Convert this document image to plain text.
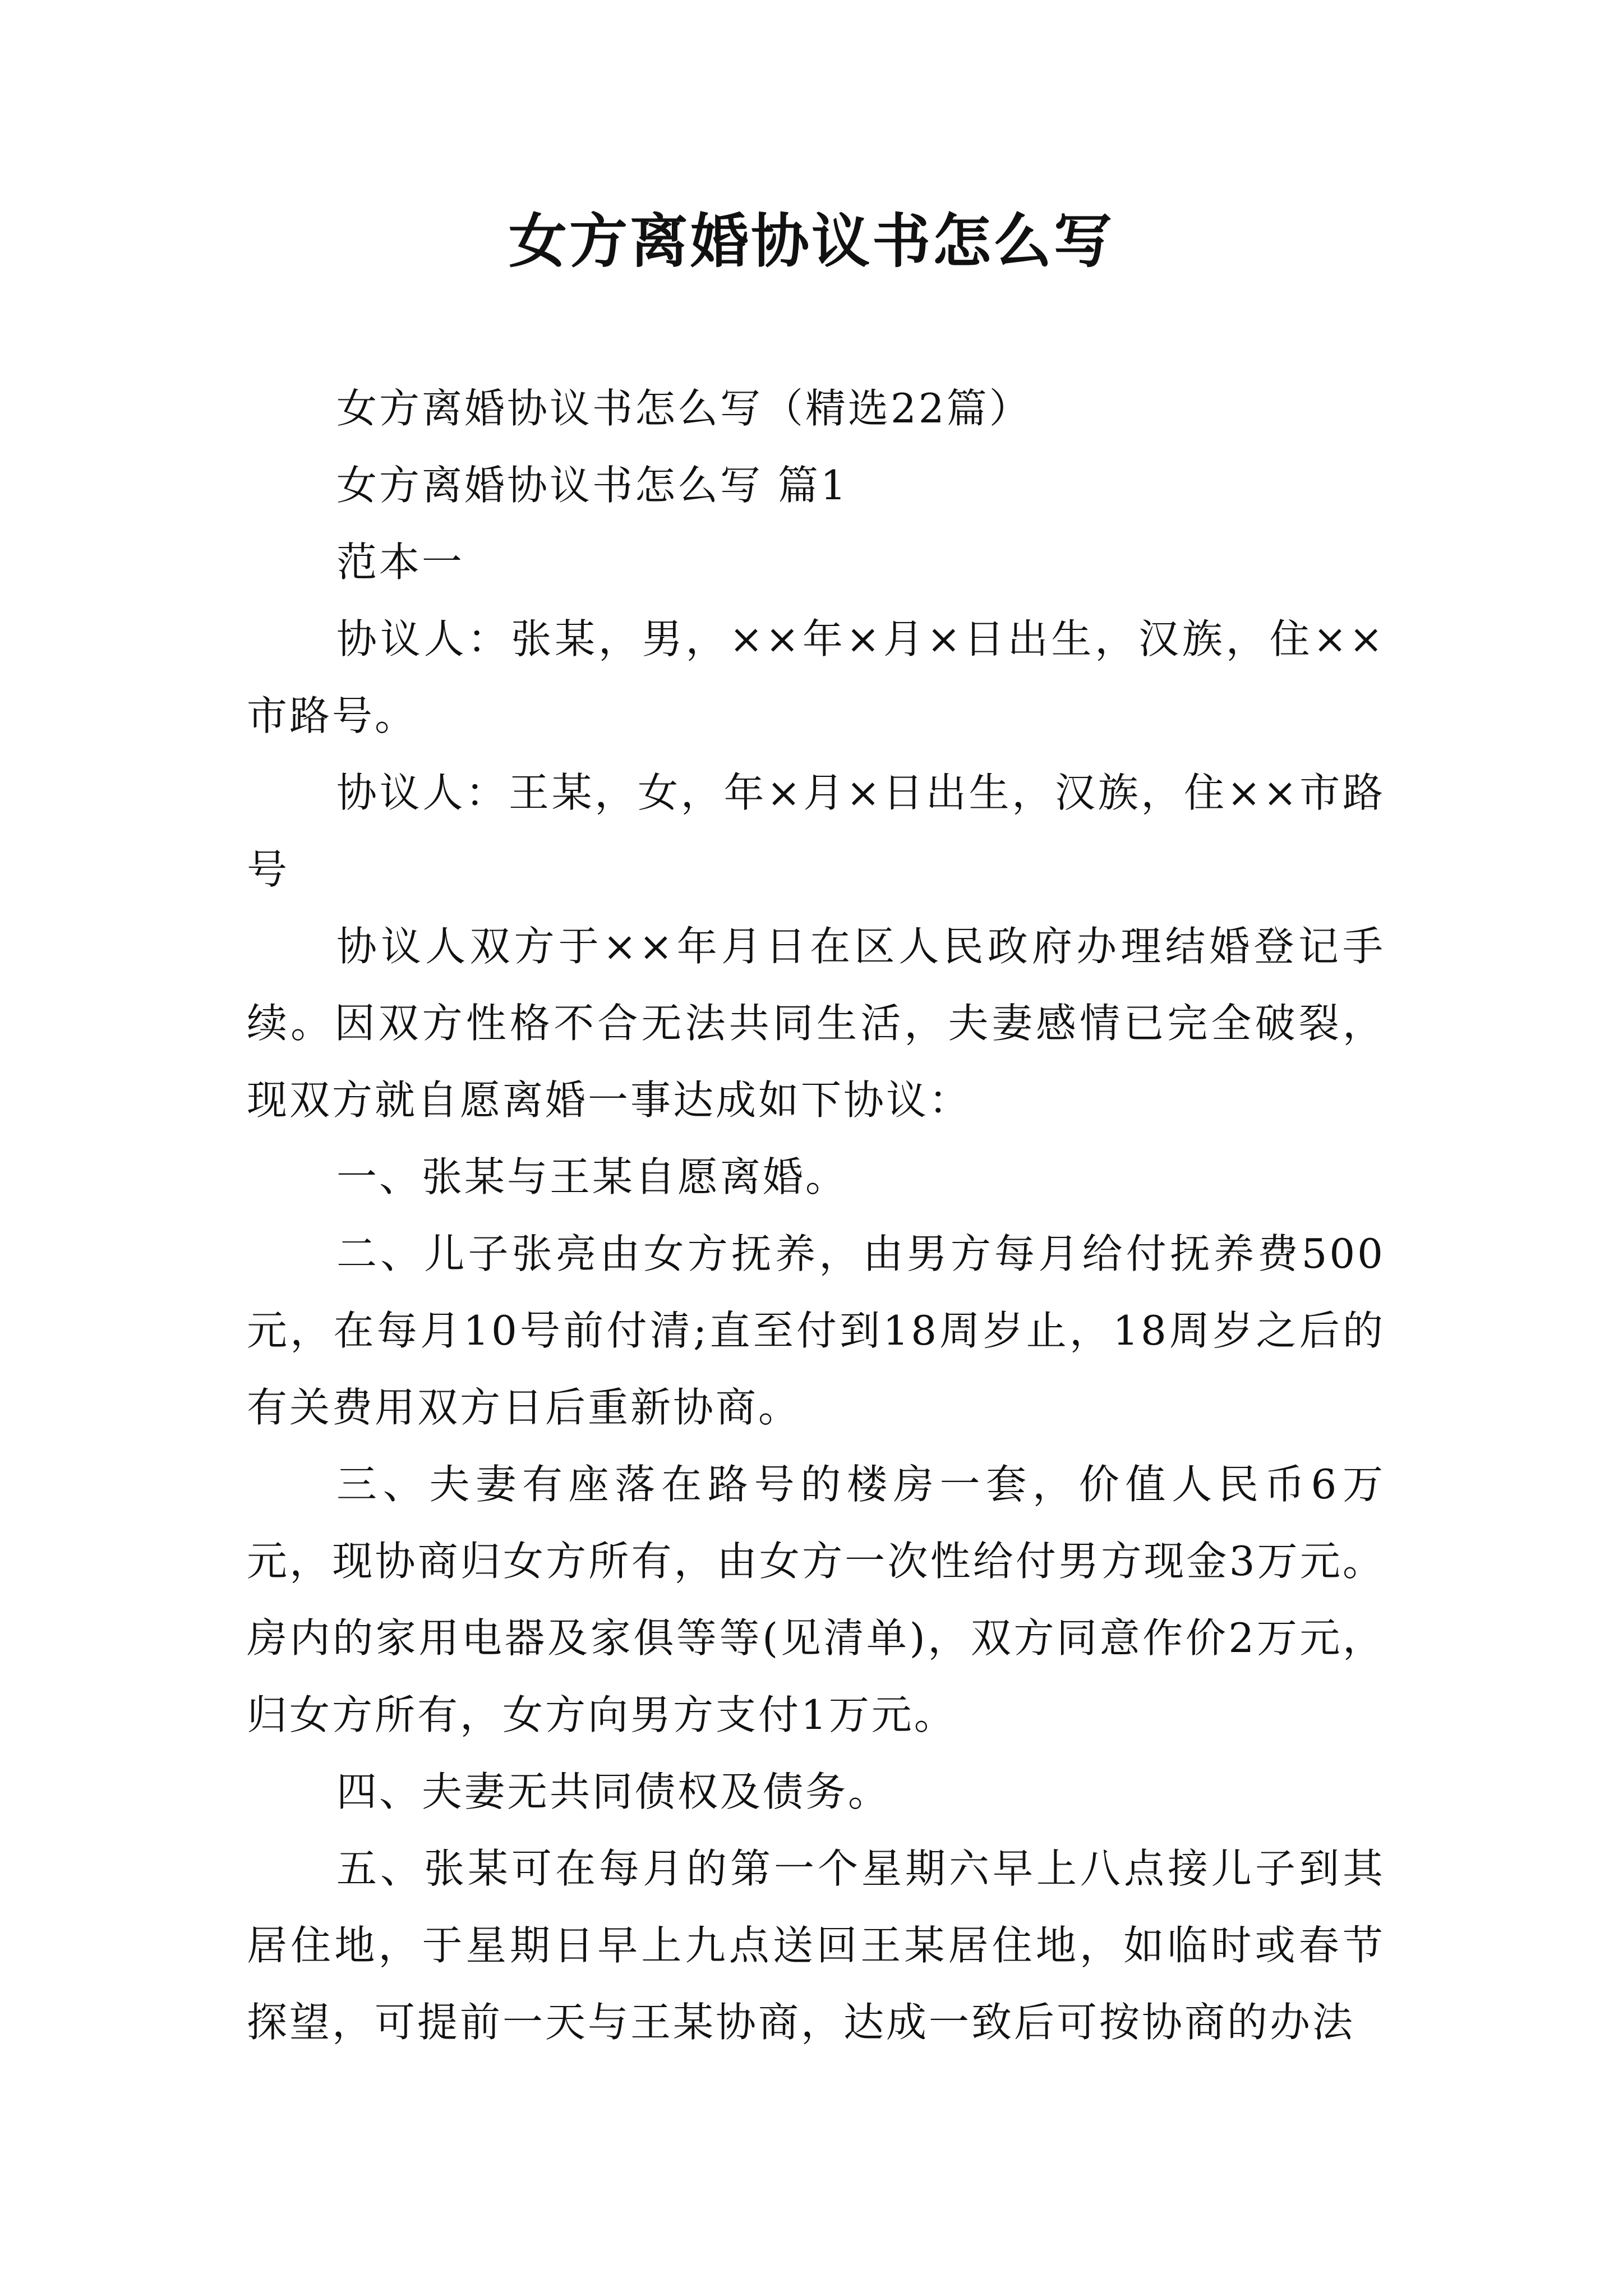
女方离婚协议书怎么写

女方离婚协议书怎么写（精选22篇）

女方离婚协议书怎么写 篇1

范本一

协议人：张某，男，××年×月×日出生，汉族，住××市路号。

协议人：王某，女，年×月×日出生，汉族，住××市路号

协议人双方于××年月日在区人民政府办理结婚登记手续。因双方性格不合无法共同生活，夫妻感情已完全破裂，现双方就自愿离婚一事达成如下协议：

一、张某与王某自愿离婚。

二、儿子张亮由女方抚养，由男方每月给付抚养费500元，在每月10号前付清;直至付到18周岁止，18周岁之后的有关费用双方日后重新协商。

三、夫妻有座落在路号的楼房一套，价值人民币6万元，现协商归女方所有，由女方一次性给付男方现金3万元。房内的家用电器及家俱等等(见清单)，双方同意作价2万元，归女方所有，女方向男方支付1万元。

四、夫妻无共同债权及债务。

五、张某可在每月的第一个星期六早上八点接儿子到其居住地，于星期日早上九点送回王某居住地，如临时或春节探望，可提前一天与王某协商，达成一致后可按协商的办法
